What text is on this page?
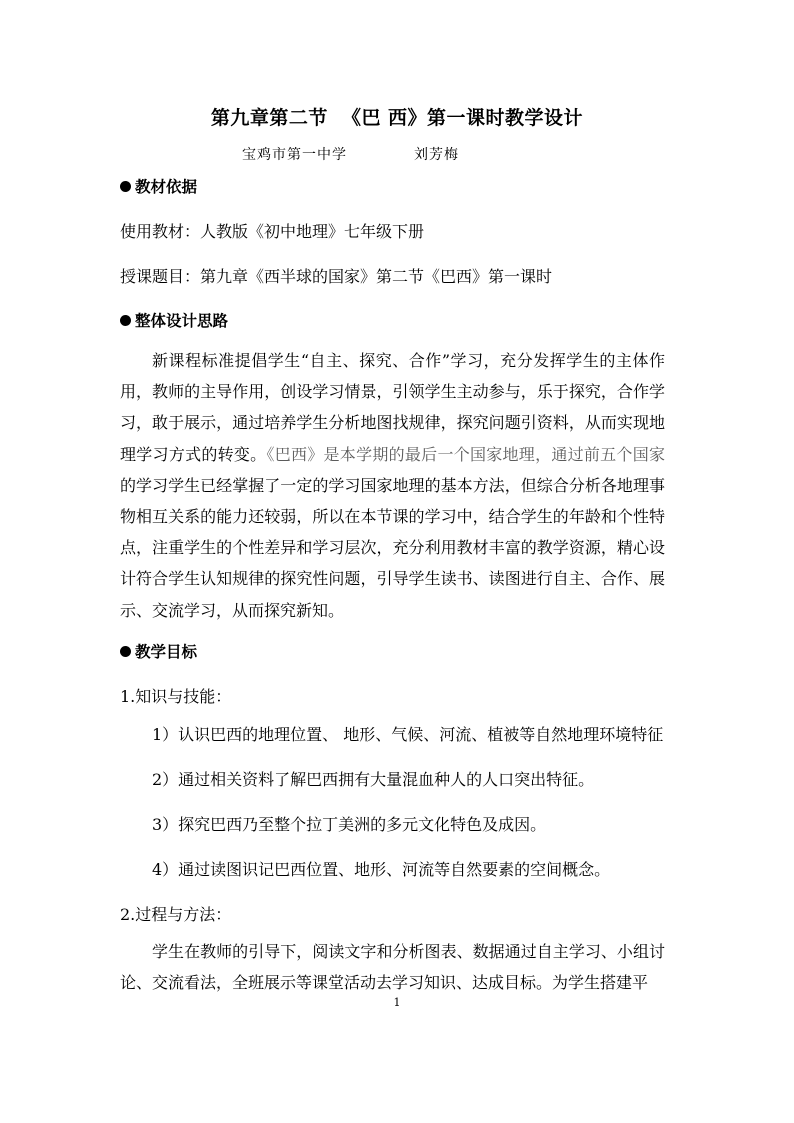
第九章第二节 《巴 西》第一课时教学设计
宝鸡市第一中学	刘芳梅
教材依据
使用教材：人教版《初中地理》七年级下册
授课题目：第九章《西半球的国家》第二节《巴西》第一课时
整体设计思路
新课程标准提倡学生“自主、探究、合作”学习，充分发挥学生的主体作用，教师的主导作用，创设学习情景，引领学生主动参与，乐于探究，合作学习，敢于展示，通过培养学生分析地图找规律，探究问题引资料，从而实现地理学习方式的转变。《巴西》是本学期的最后一个国家地理，通过前五个国家的学习学生已经掌握了一定的学习国家地理的基本方法，但综合分析各地理事物相互关系的能力还较弱，所以在本节课的学习中，结合学生的年龄和个性特点，注重学生的个性差异和学习层次，充分利用教材丰富的教学资源，精心设计符合学生认知规律的探究性问题，引导学生读书、读图进行自主、合作、展示、交流学习，从而探究新知。
教学目标
1.知识与技能：
1）认识巴西的地理位置、 地形、气候、河流、植被等自然地理环境特征
2）通过相关资料了解巴西拥有大量混血种人的人口突出特征。
3）探究巴西乃至整个拉丁美洲的多元文化特色及成因。
4）通过读图识记巴西位置、地形、河流等自然要素的空间概念。
2.过程与方法：
学生在教师的引导下，阅读文字和分析图表、数据通过自主学习、小组讨论、交流看法，全班展示等课堂活动去学习知识、达成目标。为学生搭建平
1
